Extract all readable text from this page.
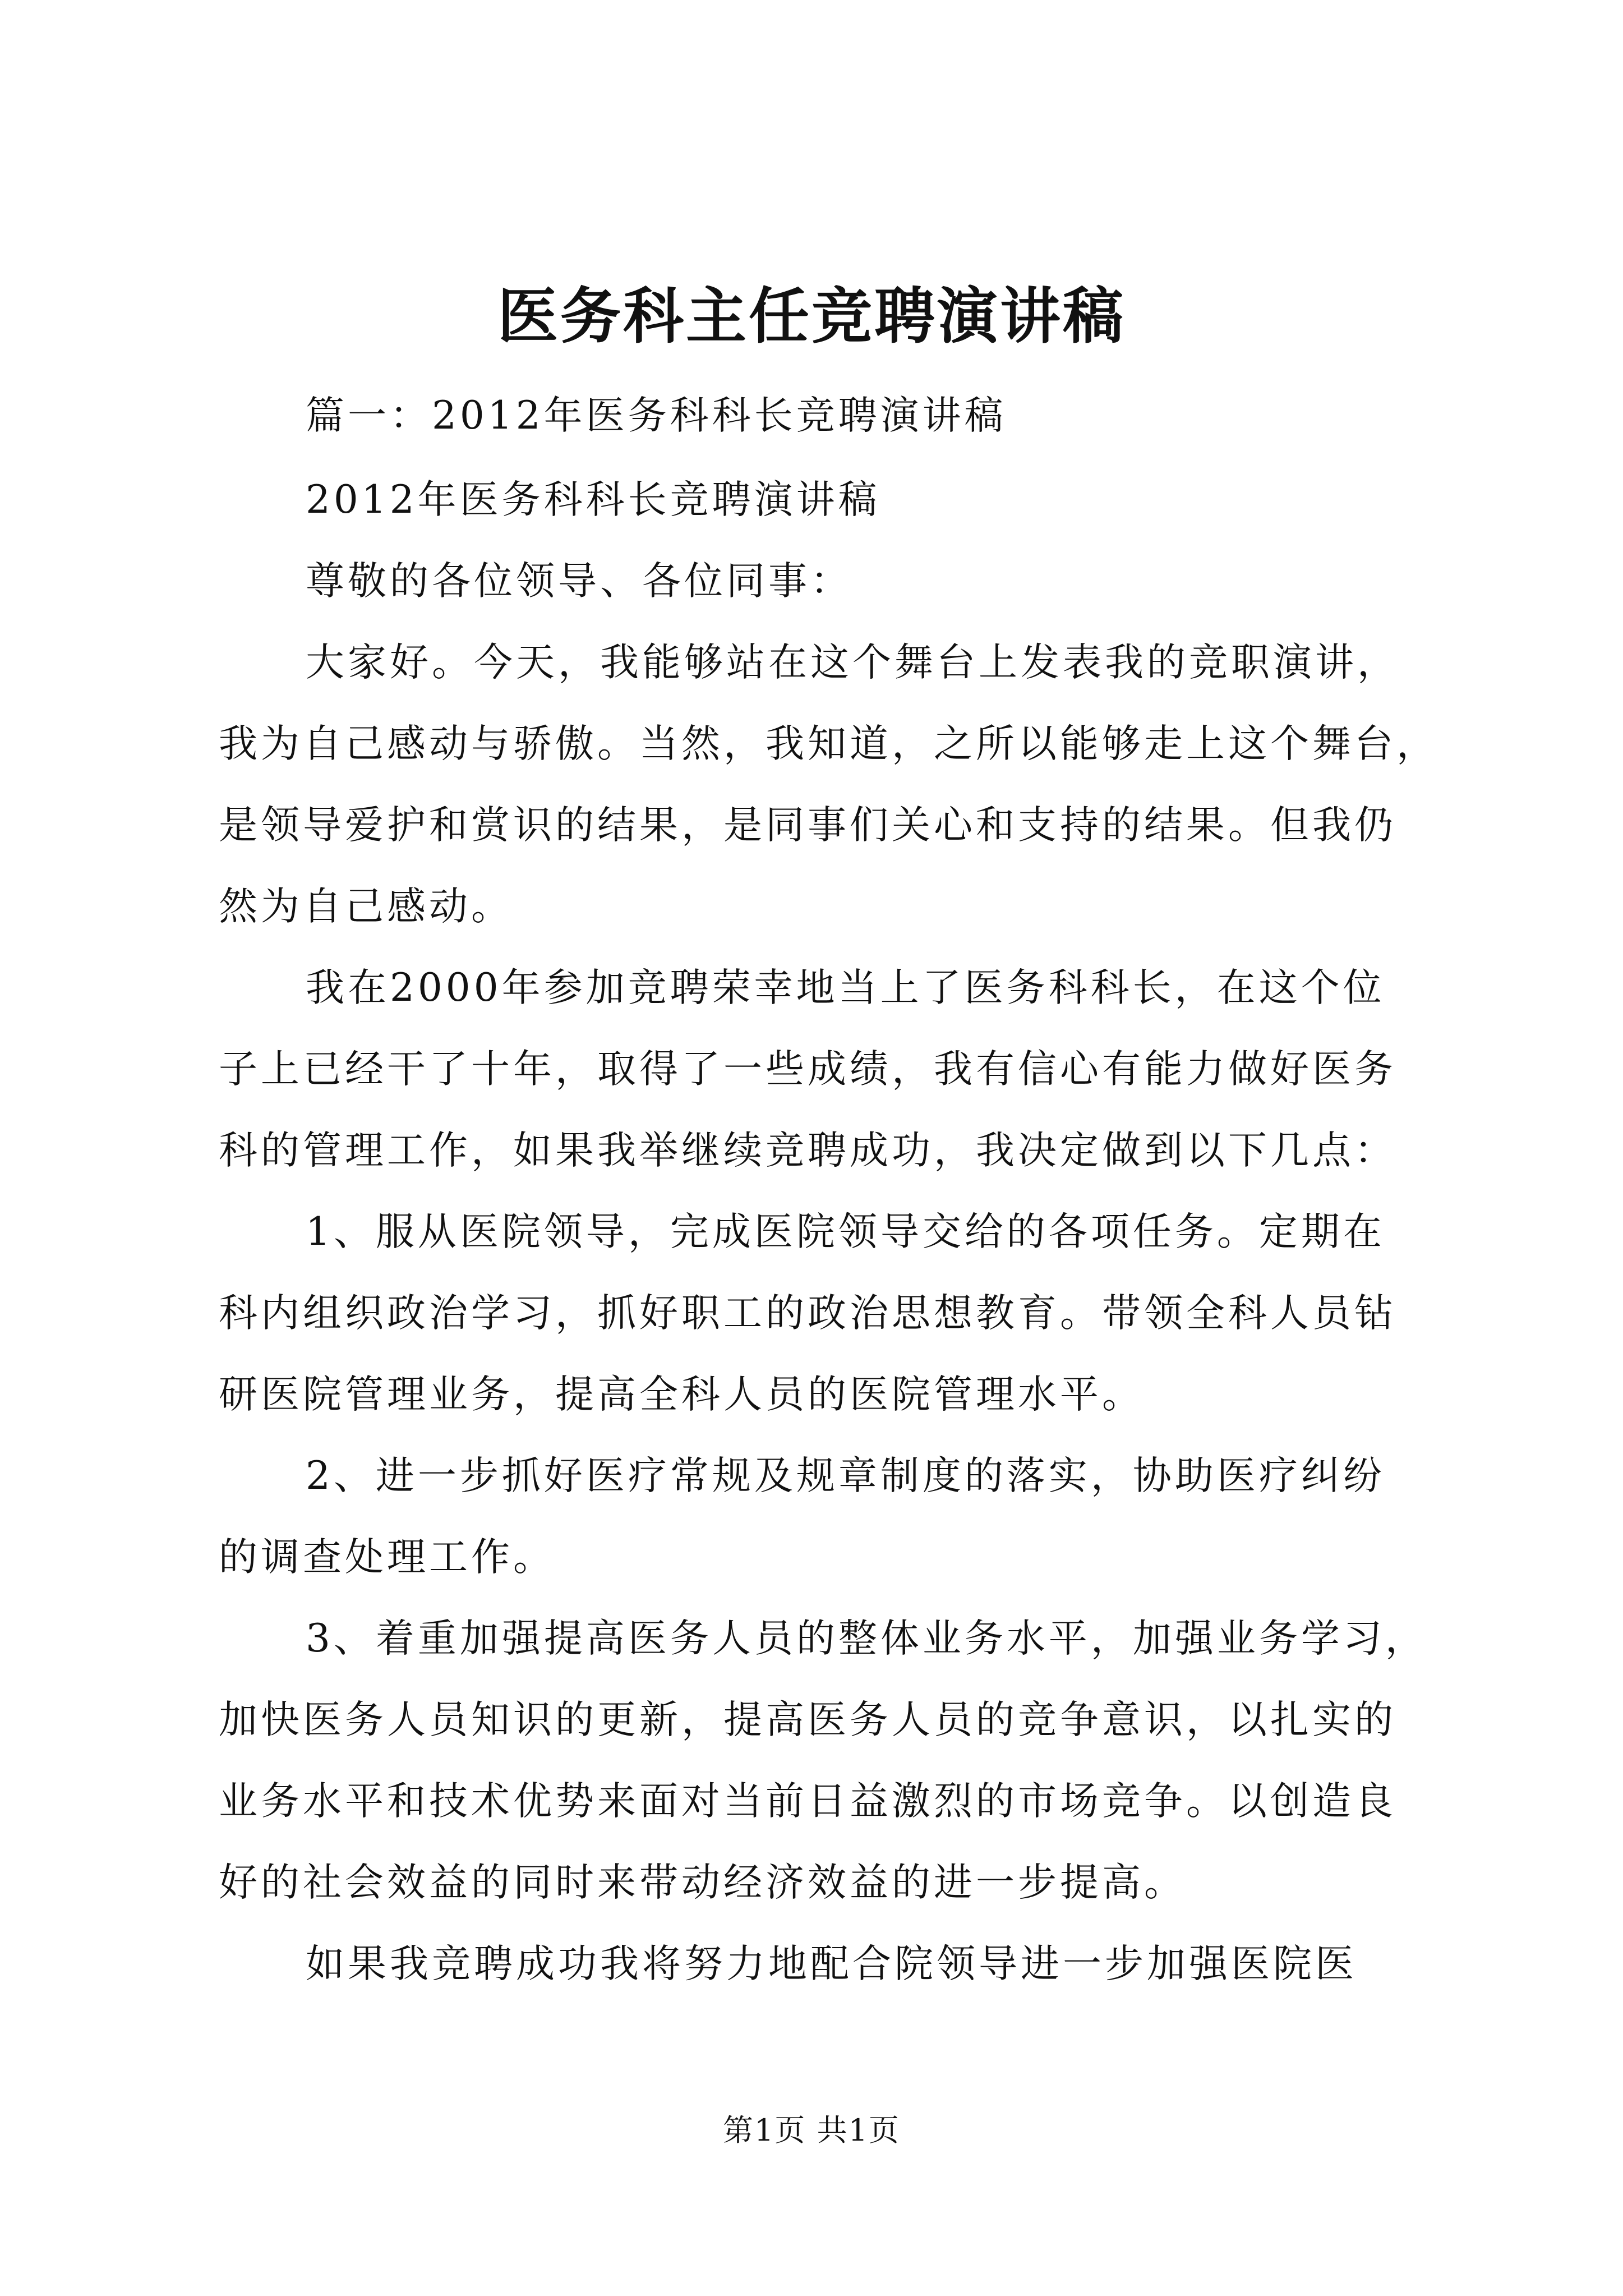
医务科主任竞聘演讲稿
篇一：2012年医务科科长竞聘演讲稿
2012年医务科科长竞聘演讲稿
尊敬的各位领导、各位同事：
大家好。今天，我能够站在这个舞台上发表我的竞职演讲，
我为自己感动与骄傲。当然，我知道，之所以能够走上这个舞台，
是领导爱护和赏识的结果，是同事们关心和支持的结果。但我仍
然为自己感动。
我在2000年参加竞聘荣幸地当上了医务科科长，在这个位
子上已经干了十年，取得了一些成绩，我有信心有能力做好医务
科的管理工作，如果我举继续竞聘成功，我决定做到以下几点：
1、服从医院领导，完成医院领导交给的各项任务。定期在
科内组织政治学习，抓好职工的政治思想教育。带领全科人员钻
研医院管理业务，提高全科人员的医院管理水平。
2、进一步抓好医疗常规及规章制度的落实，协助医疗纠纷
的调查处理工作。
3、着重加强提高医务人员的整体业务水平，加强业务学习，
加快医务人员知识的更新，提高医务人员的竞争意识，以扎实的
业务水平和技术优势来面对当前日益激烈的市场竞争。以创造良
好的社会效益的同时来带动经济效益的进一步提高。
如果我竞聘成功我将努力地配合院领导进一步加强医院医
第1页 共1页
